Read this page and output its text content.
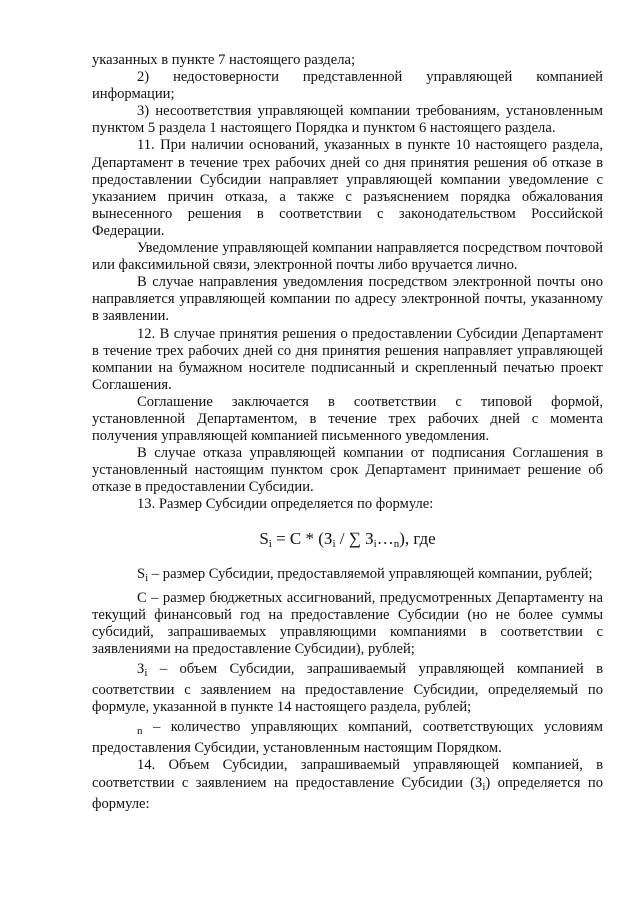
указанных в пункте 7 настоящего раздела;

2) недостоверности представленной управляющей компанией информации;

3) несоответствия управляющей компании требованиям, установленным пунктом 5 раздела 1 настоящего Порядка и пунктом 6 настоящего раздела.

11. При наличии оснований, указанных в пункте 10 настоящего раздела, Департамент в течение трех рабочих дней со дня принятия решения об отказе в предоставлении Субсидии направляет управляющей компании уведомление с указанием причин отказа, а также с разъяснением порядка обжалования вынесенного решения в соответствии с законодательством Российской Федерации.

Уведомление управляющей компании направляется посредством почтовой или факсимильной связи, электронной почты либо вручается лично.

В случае направления уведомления посредством электронной почты оно направляется управляющей компании по адресу электронной почты, указанному в заявлении.

12. В случае принятия решения о предоставлении Субсидии Департамент в течение трех рабочих дней со дня принятия решения направляет управляющей компании на бумажном носителе подписанный и скрепленный печатью проект Соглашения.

Соглашение заключается в соответствии с типовой формой, установленной Департаментом, в течение трех рабочих дней с момента получения управляющей компанией письменного уведомления.

В случае отказа управляющей компании от подписания Соглашения в установленный настоящим пунктом срок Департамент принимает решение об отказе в предоставлении Субсидии.

13. Размер Субсидии определяется по формуле:

$S_i = C * (З_i$ / ∑ $З_i\dots_n$), где

$S_i$ – размер Субсидии, предоставляемой управляющей компании, рублей;

С – размер бюджетных ассигнований, предусмотренных Департаменту на текущий финансовый год на предоставление Субсидии (но не более суммы субсидий, запрашиваемых управляющими компаниями в соответствии с заявлениями на предоставление Субсидии), рублей;

$З_i$ – объем Субсидии, запрашиваемый управляющей компанией в соответствии с заявлением на предоставление Субсидии, определяемый по формуле, указанной в пункте 14 настоящего раздела, рублей;

$_n$ – количество управляющих компаний, соответствующих условиям предоставления Субсидии, установленным настоящим Порядком.

14. Объем Субсидии, запрашиваемый управляющей компанией, в соответствии с заявлением на предоставление Субсидии $(З_i)$ определяется по формуле:
